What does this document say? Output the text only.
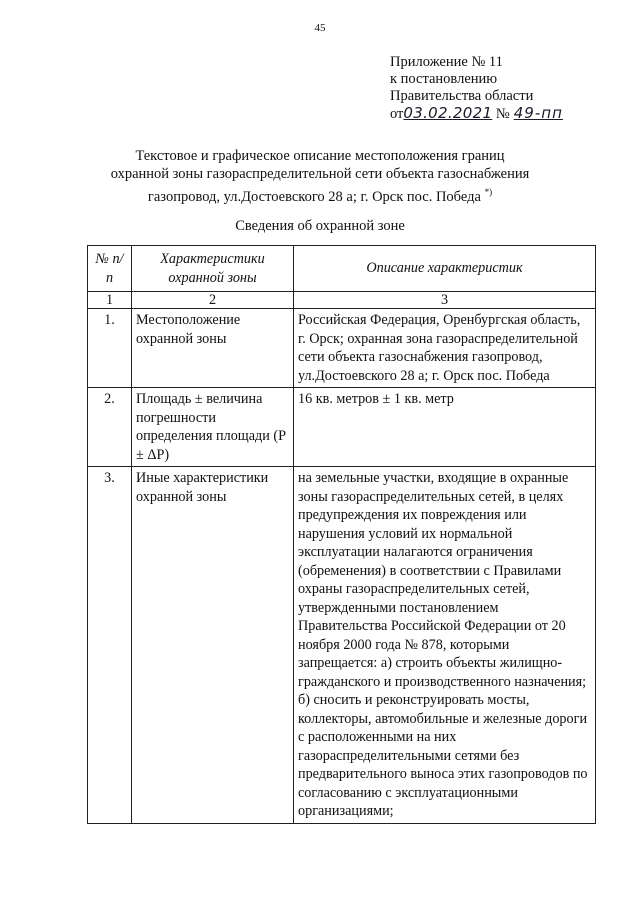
45
Приложение № 11
к постановлению
Правительства области
от03.02.2021 № 49-пп
Текстовое и графическое описание местоположения границ
охранной зоны газораспределительной сети объекта газоснабжения
газопровод, ул.Достоевского 28 а; г. Орск пос. Победа *)
Сведения об охранной зоне
№ п/п	Характеристики охранной зоны	Описание характеристик
1	2	3
1.	Местоположение охранной зоны	Российская Федерация, Оренбургская область, г. Орск; охранная зона газораспределительной сети объекта газоснабжения газопровод, ул.Достоевского 28 а; г. Орск пос. Победа
2.	Площадь ± величина погрешности определения площади (P ± ΔP)	16 кв. метров ± 1 кв. метр
3.	Иные характеристики охранной зоны	на земельные участки, входящие в охранные зоны газораспределительных сетей, в целях предупреждения их повреждения или нарушения условий их нормальной эксплуатации налагаются ограничения (обременения) в соответствии с Правилами охраны газораспределительных сетей, утвержденными постановлением Правительства Российской Федерации от 20 ноября 2000 года № 878, которыми запрещается: а) строить объекты жилищно-гражданского и производственного назначения; б) сносить и реконструировать мосты, коллекторы, автомобильные и железные дороги с расположенными на них газораспределительными сетями без предварительного выноса этих газопроводов по согласованию с эксплуатационными организациями;
